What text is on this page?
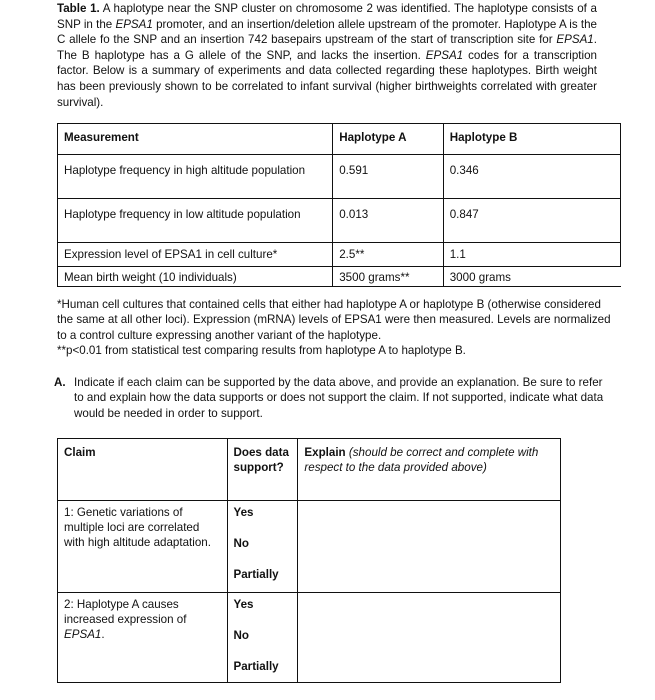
Table 1. A haplotype near the SNP cluster on chromosome 2 was identified. The haplotype consists of a SNP in the EPSA1 promoter, and an insertion/deletion allele upstream of the promoter. Haplotype A is the C allele fo the SNP and an insertion 742 basepairs upstream of the start of transcription site for EPSA1. The B haplotype has a G allele of the SNP, and lacks the insertion. EPSA1 codes for a transcription factor. Below is a summary of experiments and data collected regarding these haplotypes. Birth weight has been previously shown to be correlated to infant survival (higher birthweights correlated with greater survival).
Measurement	Haplotype A	Haplotype B
Haplotype frequency in high altitude population	0.591	0.346
Haplotype frequency in low altitude population	0.013	0.847
Expression level of EPSA1 in cell culture*	2.5**	1.1
Mean birth weight (10 individuals)	3500 grams**	3000 grams

*Human cell cultures that contained cells that either had haplotype A or haplotype B (otherwise considered the same at all other loci). Expression (mRNA) levels of EPSA1 were then measured. Levels are normalized to a control culture expressing another variant of the haplotype.

**p<0.01 from statistical test comparing results from haplotype A to haplotype B.

A. Indicate if each claim can be supported by the data above, and provide an explanation. Be sure to refer to and explain how the data supports or does not support the claim. If not supported, indicate what data would be needed in order to support.
Claim	Does data support?	Explain (should be correct and complete with respect to the data provided above)
1: Genetic variations of multiple loci are correlated with high altitude adaptation.	Yes
No
Partially	

2: Haplotype A causes increased expression of EPSA1.	Yes
No
Partially	
